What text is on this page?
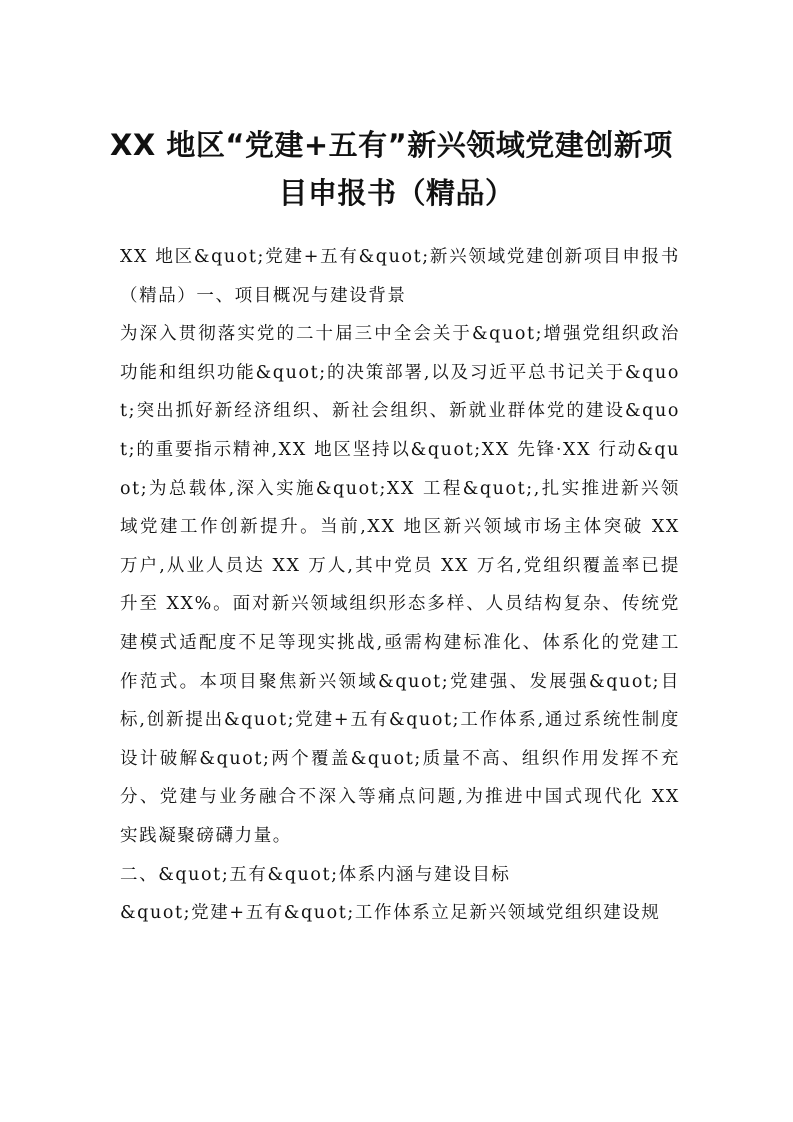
XX 地区“党建+五有”新兴领域党建创新项
目申报书（精品）

XX 地区&quot;党建+五有&quot;新兴领域党建创新项目申报书（精品）一、项目概况与建设背景

为深入贯彻落实党的二十届三中全会关于&quot;增强党组织政治功能和组织功能&quot;的决策部署,以及习近平总书记关于&quot;突出抓好新经济组织、新社会组织、新就业群体党的建设&quot;的重要指示精神,XX 地区坚持以&quot;XX 先锋·XX 行动&quot;为总载体,深入实施&quot;XX 工程&quot;,扎实推进新兴领域党建工作创新提升。当前,XX 地区新兴领域市场主体突破 XX 万户,从业人员达 XX 万人,其中党员 XX 万名,党组织覆盖率已提升至 XX%。面对新兴领域组织形态多样、人员结构复杂、传统党建模式适配度不足等现实挑战,亟需构建标准化、体系化的党建工作范式。本项目聚焦新兴领域&quot;党建强、发展强&quot;目标,创新提出&quot;党建+五有&quot;工作体系,通过系统性制度设计破解&quot;两个覆盖&quot;质量不高、组织作用发挥不充分、党建与业务融合不深入等痛点问题,为推进中国式现代化 XX 实践凝聚磅礴力量。

二、&quot;五有&quot;体系内涵与建设目标

&quot;党建+五有&quot;工作体系立足新兴领域党组织建设规
